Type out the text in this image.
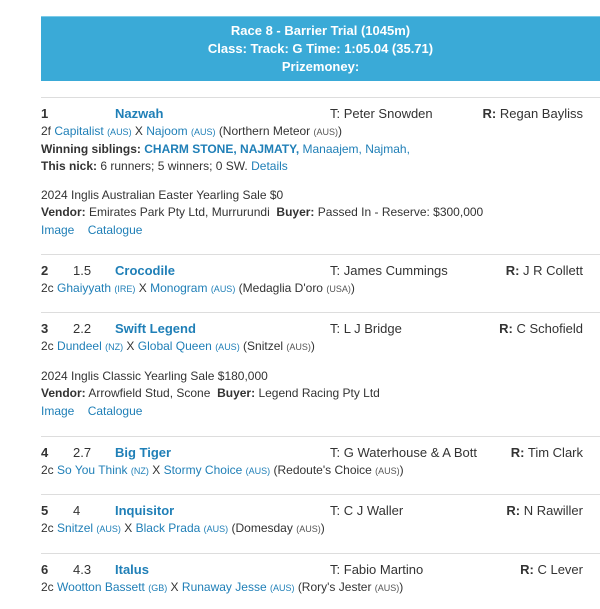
Race 8 - Barrier Trial (1045m)
Class: Track: G Time: 1:05.04 (35.71)
Prizemoney:
1	Nazwah	T: Peter Snowden	R: Regan Bayliss
2f Capitalist (AUS) X Najoom (AUS) (Northern Meteor (AUS))
Winning siblings: CHARM STONE, NAJMATY, Manaajem, Najmah,
This nick: 6 runners; 5 winners; 0 SW. Details
2024 Inglis Australian Easter Yearling Sale $0
Vendor: Emirates Park Pty Ltd, Murrurundi Buyer: Passed In - Reserve: $300,000
Image Catalogue
2 1.5 Crocodile	T: James Cummings	R: J R Collett
2c Ghaiyyath (IRE) X Monogram (AUS) (Medaglia D'oro (USA))
3 2.2 Swift Legend	T: L J Bridge	R: C Schofield
2c Dundeel (NZ) X Global Queen (AUS) (Snitzel (AUS))
2024 Inglis Classic Yearling Sale $180,000
Vendor: Arrowfield Stud, Scone Buyer: Legend Racing Pty Ltd
Image Catalogue
4 2.7 Big Tiger	T: G Waterhouse & A Bott	R: Tim Clark
2c So You Think (NZ) X Stormy Choice (AUS) (Redoute's Choice (AUS))
5 4	Inquisitor	T: C J Waller	R: N Rawiller
2c Snitzel (AUS) X Black Prada (AUS) (Domesday (AUS))
6 4.3 Italus	T: Fabio Martino	R: C Lever
2c Wootton Bassett (GB) X Runaway Jesse (AUS) (Rory's Jester (AUS))
